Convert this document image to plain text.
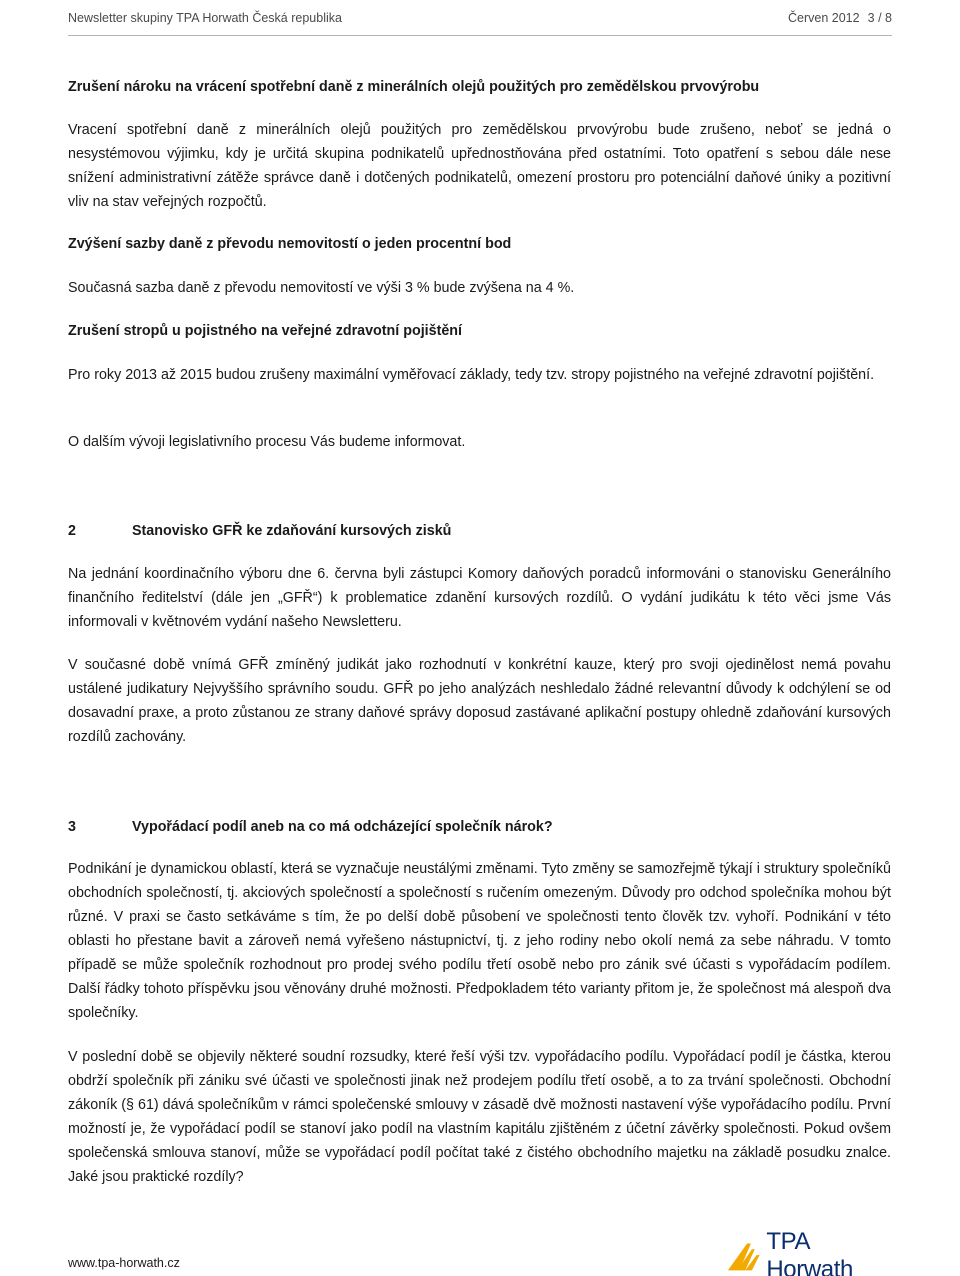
Newsletter skupiny TPA Horwath Česká republika	Červen 2012 3 / 8
Zrušení nároku na vrácení spotřební daně z minerálních olejů použitých pro zemědělskou prvovýrobu
Vracení spotřební daně z minerálních olejů použitých pro zemědělskou prvovýrobu bude zrušeno, neboť se jedná o nesystémovou výjimku, kdy je určitá skupina podnikatelů upřednostňována před ostatními. Toto opatření s sebou dále nese snížení administrativní zátěže správce daně i dotčených podnikatelů, omezení prostoru pro potenciální daňové úniky a pozitivní vliv na stav veřejných rozpočtů.
Zvýšení sazby daně z převodu nemovitostí o jeden procentní bod
Současná sazba daně z převodu nemovitostí ve výši 3 % bude zvýšena na 4 %.
Zrušení stropů u pojistného na veřejné zdravotní pojištění
Pro roky 2013 až 2015 budou zrušeny maximální vyměřovací základy, tedy tzv. stropy pojistného na veřejné zdravotní pojištění.
O dalším vývoji legislativního procesu Vás budeme informovat.
2	Stanovisko GFŘ ke zdaňování kursových zisků
Na jednání koordinačního výboru dne 6. června byli zástupci Komory daňových poradců informováni o stanovisku Generálního finančního ředitelství (dále jen „GFŘ“) k problematice zdanění kursových rozdílů. O vydání judikátu k této věci jsme Vás informovali v květnovém vydání našeho Newsletteru.
V současné době vnímá GFŘ zmíněný judikát jako rozhodnutí v konkrétní kauze, který pro svoji ojedinělost nemá povahu ustálené judikatury Nejvyššího správního soudu. GFŘ po jeho analýzách neshledalo žádné relevantní důvody k odchýlení se od dosavadní praxe, a proto zůstanou ze strany daňové správy doposud zastávané aplikační postupy ohledně zdaňování kursových rozdílů zachovány.
3	Vypořádací podíl aneb na co má odcházející společník nárok?
Podnikání je dynamickou oblastí, která se vyznačuje neustálými změnami. Tyto změny se samozřejmě týkají i struktury společníků obchodních společností, tj. akciových společností a společností s ručením omezeným. Důvody pro odchod společníka mohou být různé. V praxi se často setkáváme s tím, že po delší době působení ve společnosti tento člověk tzv. vyhoří. Podnikání v této oblasti ho přestane bavit a zároveň nemá vyřešeno nástupnictví, tj. z jeho rodiny nebo okolí nemá za sebe náhradu. V tomto případě se může společník rozhodnout pro prodej svého podílu třetí osobě nebo pro zánik své účasti s vypořádacím podílem. Další řádky tohoto příspěvku jsou věnovány druhé možnosti. Předpokladem této varianty přitom je, že společnost má alespoň dva společníky.
V poslední době se objevily některé soudní rozsudky, které řeší výši tzv. vypořádacího podílu. Vypořádací podíl je částka, kterou obdrží společník při zániku své účasti ve společnosti jinak než prodejem podílu třetí osobě, a to za trvání společnosti. Obchodní zákoník (§ 61) dává společníkům v rámci společenské smlouvy v zásadě dvě možnosti nastavení výše vypořádacího podílu. První možností je, že vypořádací podíl se stanoví jako podíl na vlastním kapitálu zjištěném z účetní závěrky společnosti. Pokud ovšem společenská smlouva stanoví, může se vypořádací podíl počítat také z čistého obchodního majetku na základě posudku znalce. Jaké jsou praktické rozdíly?
www.tpa-horwath.cz
TPA Horwath
